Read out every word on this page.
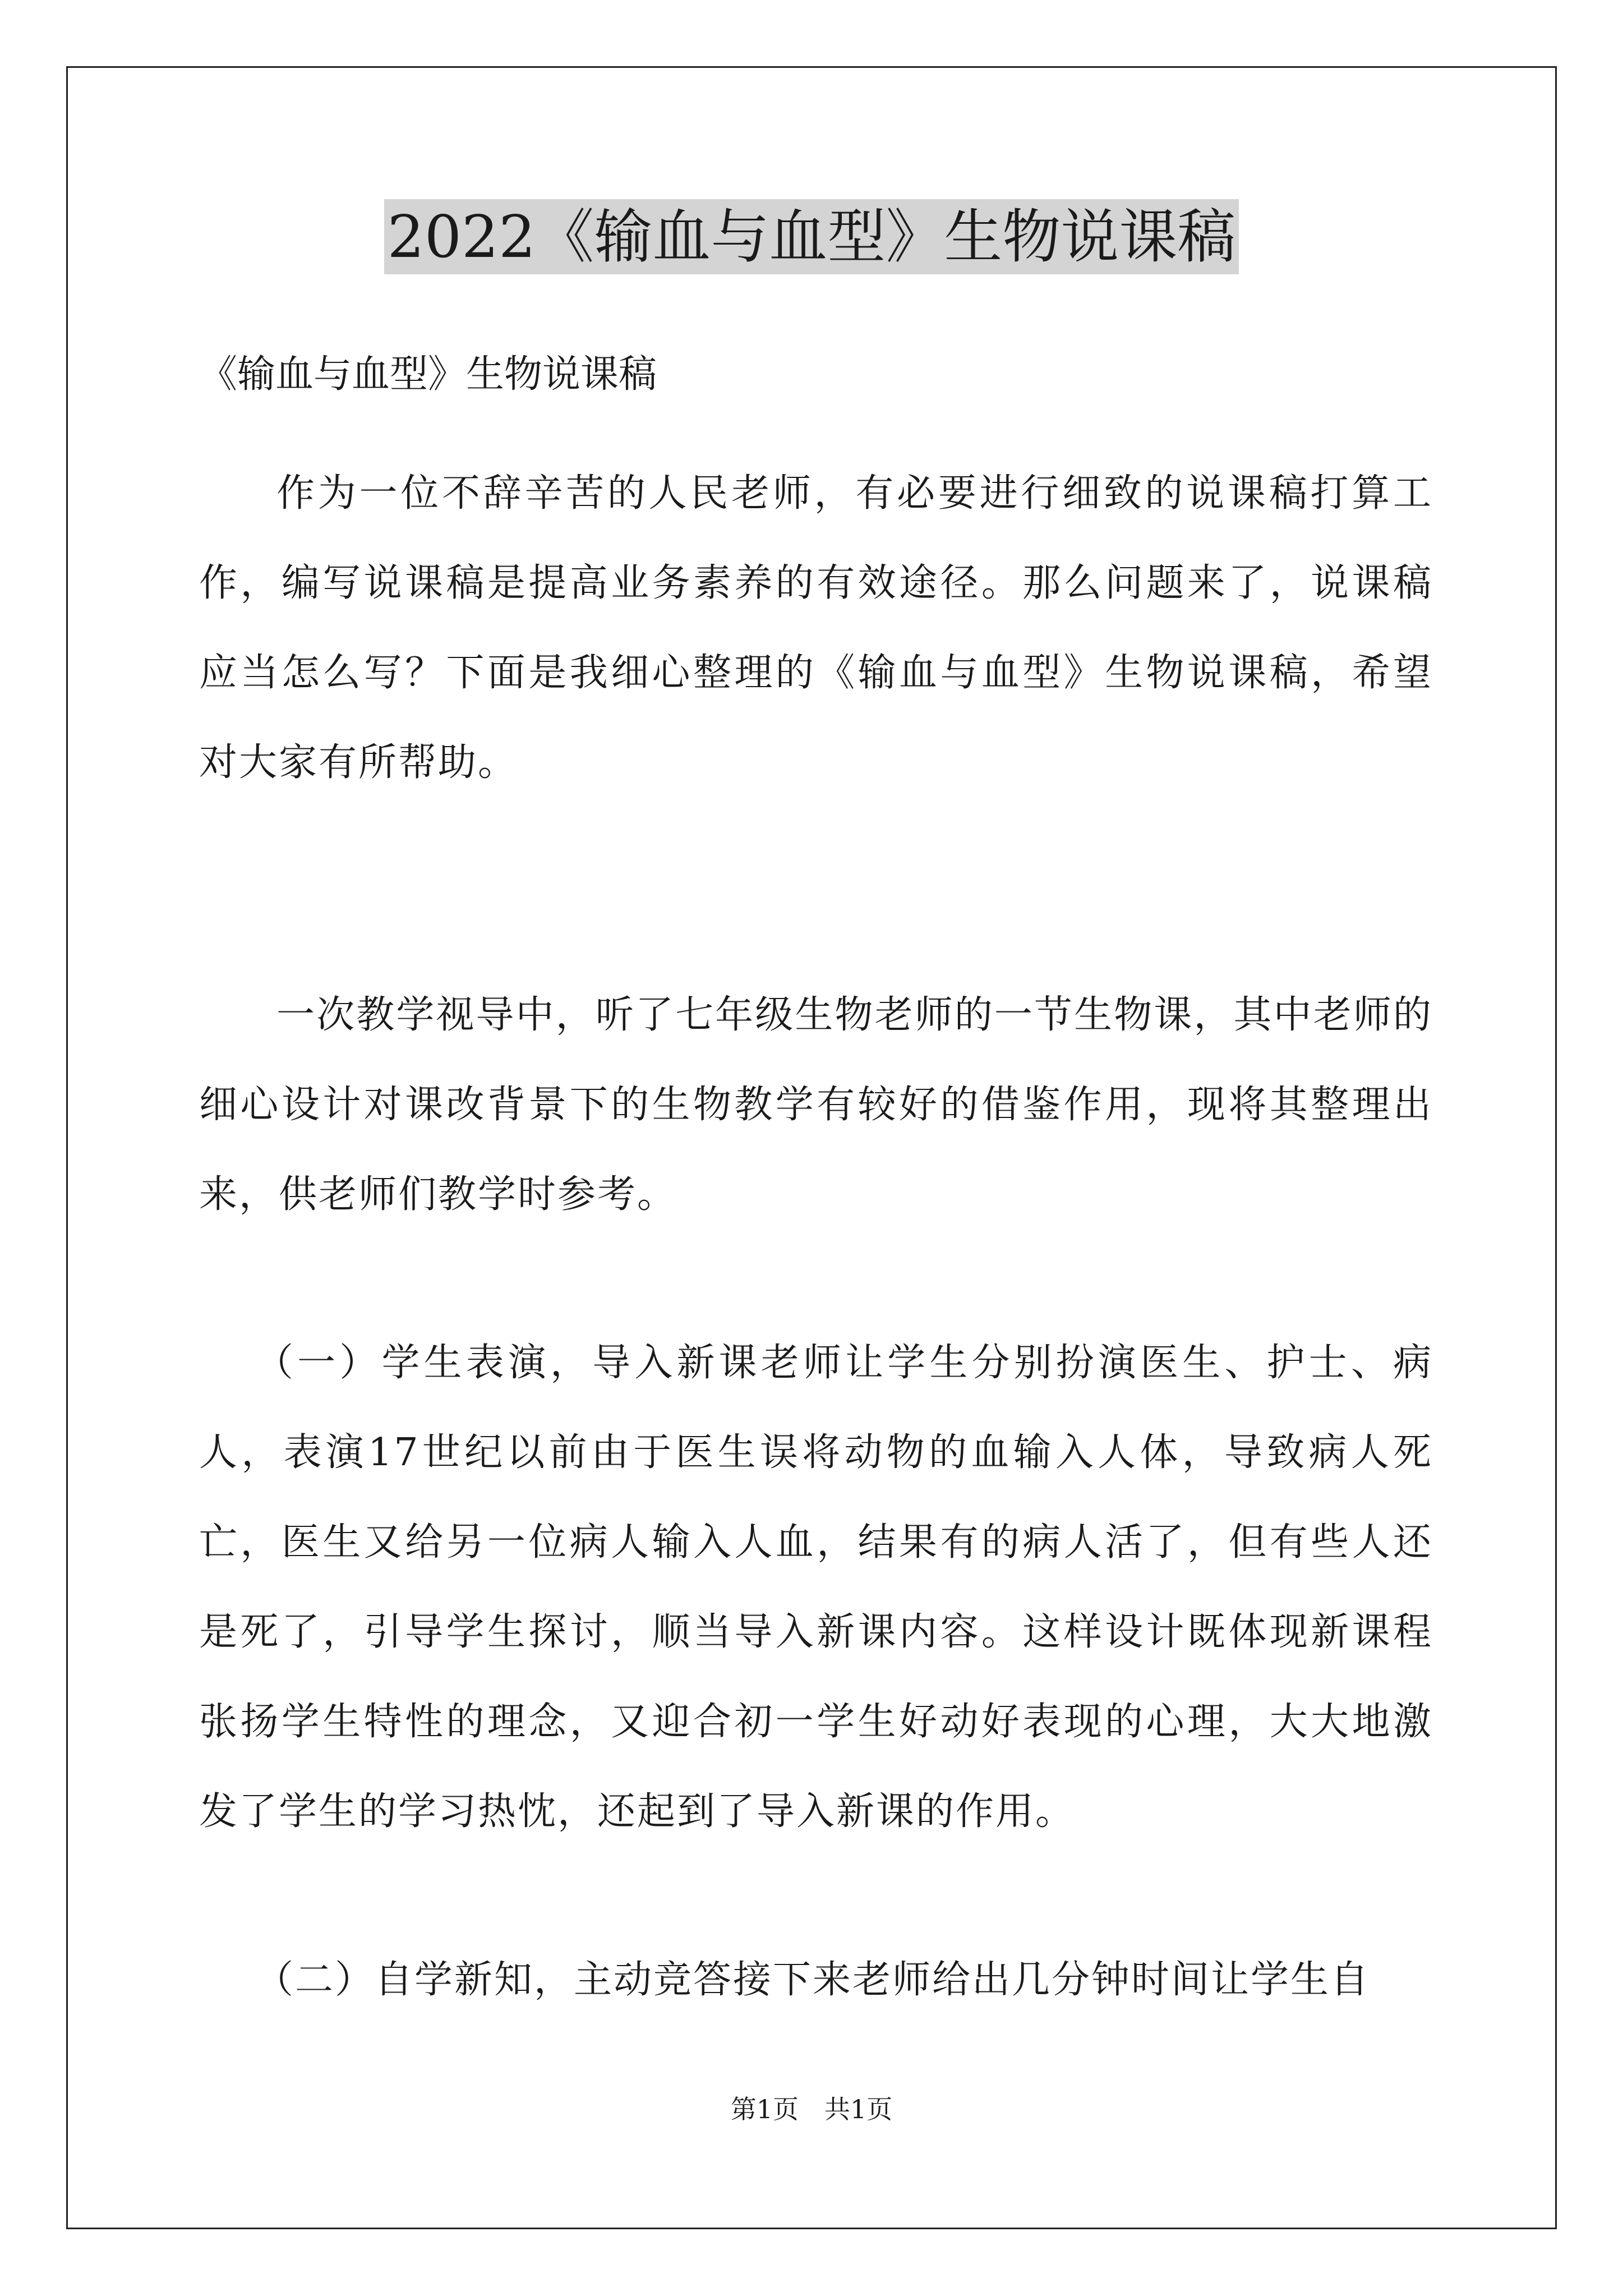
2022《输血与血型》生物说课稿

《输血与血型》生物说课稿

作为一位不辞辛苦的人民老师，有必要进行细致的说课稿打算工作，编写说课稿是提高业务素养的有效途径。那么问题来了，说课稿应当怎么写？下面是我细心整理的《输血与血型》生物说课稿，希望对大家有所帮助。

一次教学视导中，听了七年级生物老师的一节生物课，其中老师的细心设计对课改背景下的生物教学有较好的借鉴作用，现将其整理出来，供老师们教学时参考。

（一）学生表演，导入新课老师让学生分别扮演医生、护士、病人，表演17世纪以前由于医生误将动物的血输入人体，导致病人死亡，医生又给另一位病人输入人血，结果有的病人活了，但有些人还是死了，引导学生探讨，顺当导入新课内容。这样设计既体现新课程张扬学生特性的理念，又迎合初一学生好动好表现的心理，大大地激发了学生的学习热忱，还起到了导入新课的作用。

（二）自学新知，主动竞答接下来老师给出几分钟时间让学生自

第1页　共1页
